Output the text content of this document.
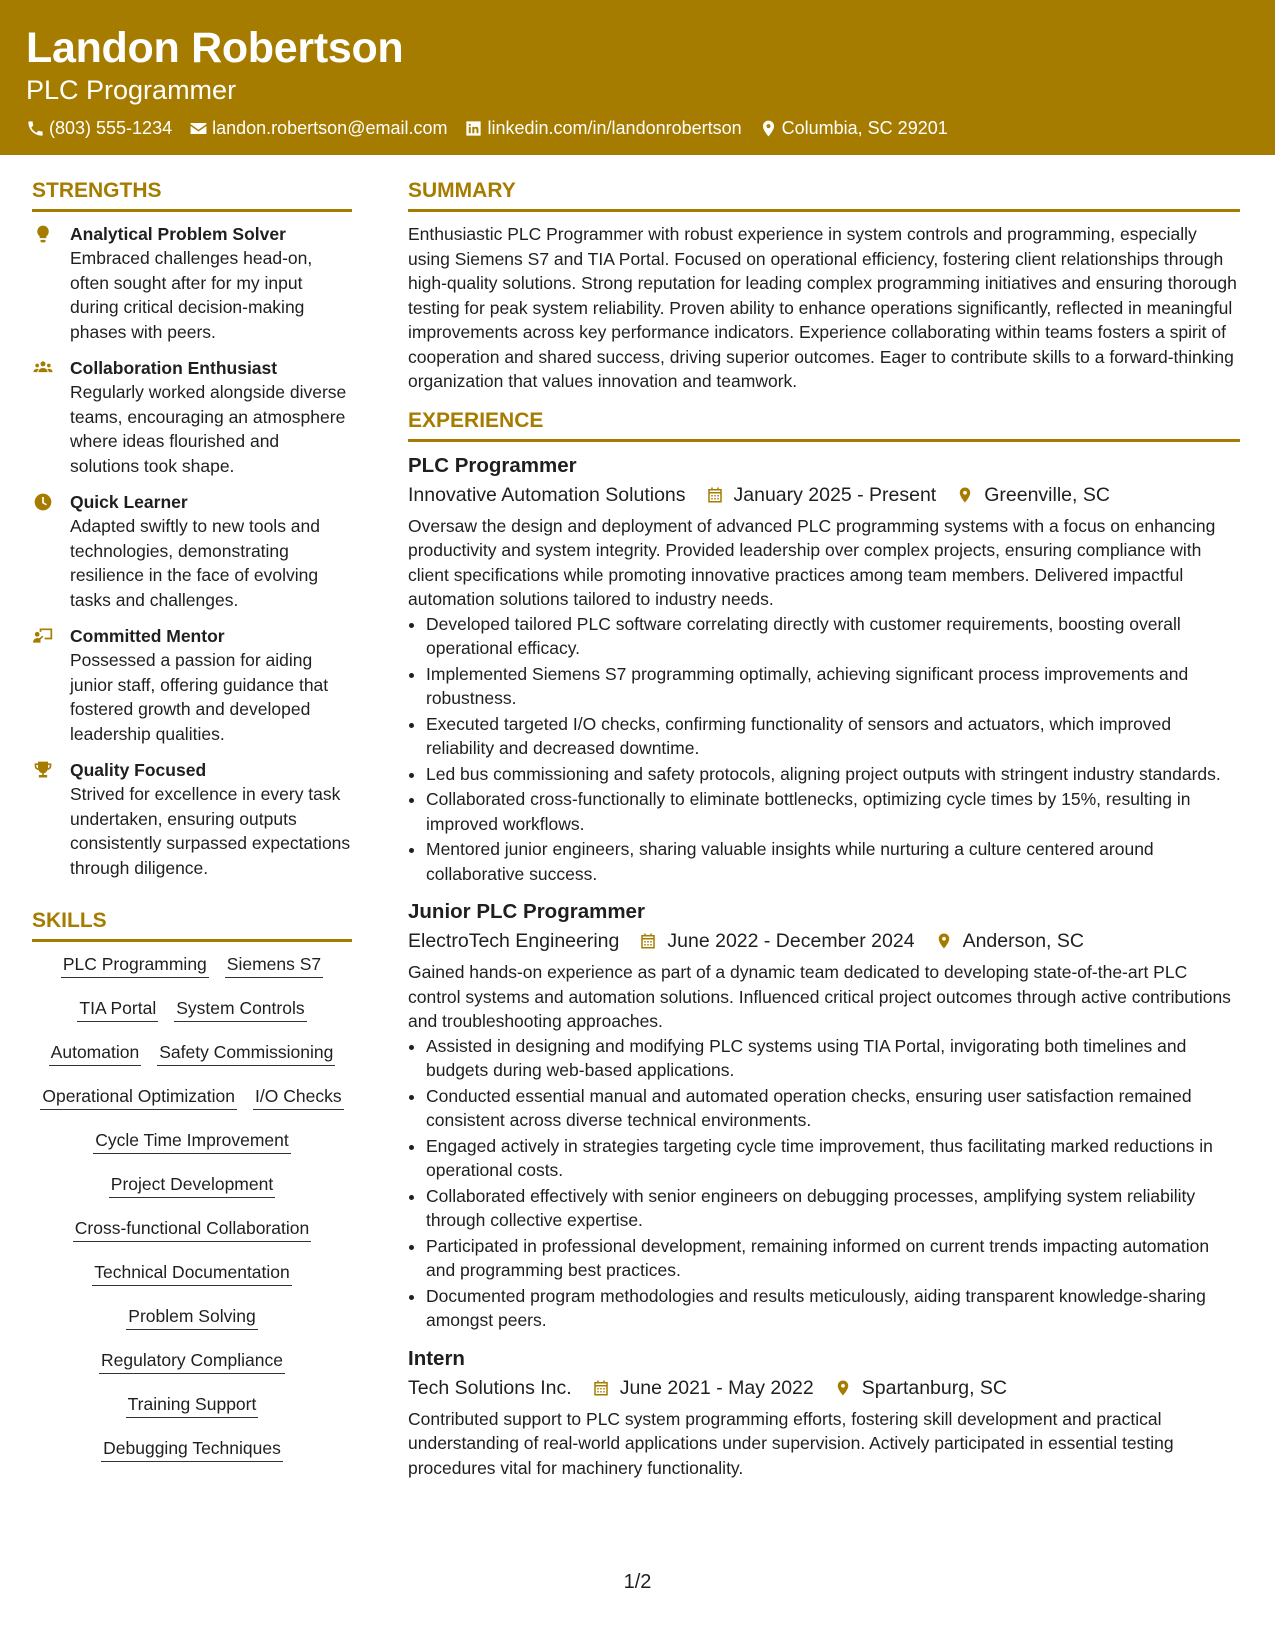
Landon Robertson
PLC Programmer
(803) 555-1234 landon.robertson@email.com linkedin.com/in/landonrobertson Columbia, SC 29201
STRENGTHS
Analytical Problem Solver
Embraced challenges head-on, often sought after for my input during critical decision-making phases with peers.
Collaboration Enthusiast
Regularly worked alongside diverse teams, encouraging an atmosphere where ideas flourished and solutions took shape.
Quick Learner
Adapted swiftly to new tools and technologies, demonstrating resilience in the face of evolving tasks and challenges.
Committed Mentor
Possessed a passion for aiding junior staff, offering guidance that fostered growth and developed leadership qualities.
Quality Focused
Strived for excellence in every task undertaken, ensuring outputs consistently surpassed expectations through diligence.
SKILLS
PLC Programming Siemens S7
TIA Portal System Controls
Automation Safety Commissioning
Operational Optimization I/O Checks
Cycle Time Improvement
Project Development
Cross-functional Collaboration
Technical Documentation
Problem Solving
Regulatory Compliance
Training Support
Debugging Techniques
SUMMARY
Enthusiastic PLC Programmer with robust experience in system controls and programming, especially using Siemens S7 and TIA Portal. Focused on operational efficiency, fostering client relationships through high-quality solutions. Strong reputation for leading complex programming initiatives and ensuring thorough testing for peak system reliability. Proven ability to enhance operations significantly, reflected in meaningful improvements across key performance indicators. Experience collaborating within teams fosters a spirit of cooperation and shared success, driving superior outcomes. Eager to contribute skills to a forward-thinking organization that values innovation and teamwork.
EXPERIENCE
PLC Programmer
Innovative Automation Solutions January 2025 - Present Greenville, SC
Oversaw the design and deployment of advanced PLC programming systems with a focus on enhancing productivity and system integrity. Provided leadership over complex projects, ensuring compliance with client specifications while promoting innovative practices among team members. Delivered impactful automation solutions tailored to industry needs.
• Developed tailored PLC software correlating directly with customer requirements, boosting overall operational efficacy.
• Implemented Siemens S7 programming optimally, achieving significant process improvements and robustness.
• Executed targeted I/O checks, confirming functionality of sensors and actuators, which improved reliability and decreased downtime.
• Led bus commissioning and safety protocols, aligning project outputs with stringent industry standards.
• Collaborated cross-functionally to eliminate bottlenecks, optimizing cycle times by 15%, resulting in improved workflows.
• Mentored junior engineers, sharing valuable insights while nurturing a culture centered around collaborative success.
Junior PLC Programmer
ElectroTech Engineering June 2022 - December 2024 Anderson, SC
Gained hands-on experience as part of a dynamic team dedicated to developing state-of-the-art PLC control systems and automation solutions. Influenced critical project outcomes through active contributions and troubleshooting approaches.
• Assisted in designing and modifying PLC systems using TIA Portal, invigorating both timelines and budgets during web-based applications.
• Conducted essential manual and automated operation checks, ensuring user satisfaction remained consistent across diverse technical environments.
• Engaged actively in strategies targeting cycle time improvement, thus facilitating marked reductions in operational costs.
• Collaborated effectively with senior engineers on debugging processes, amplifying system reliability through collective expertise.
• Participated in professional development, remaining informed on current trends impacting automation and programming best practices.
• Documented program methodologies and results meticulously, aiding transparent knowledge-sharing amongst peers.
Intern
Tech Solutions Inc. June 2021 - May 2022 Spartanburg, SC
Contributed support to PLC system programming efforts, fostering skill development and practical understanding of real-world applications under supervision. Actively participated in essential testing procedures vital for machinery functionality.
1/2
